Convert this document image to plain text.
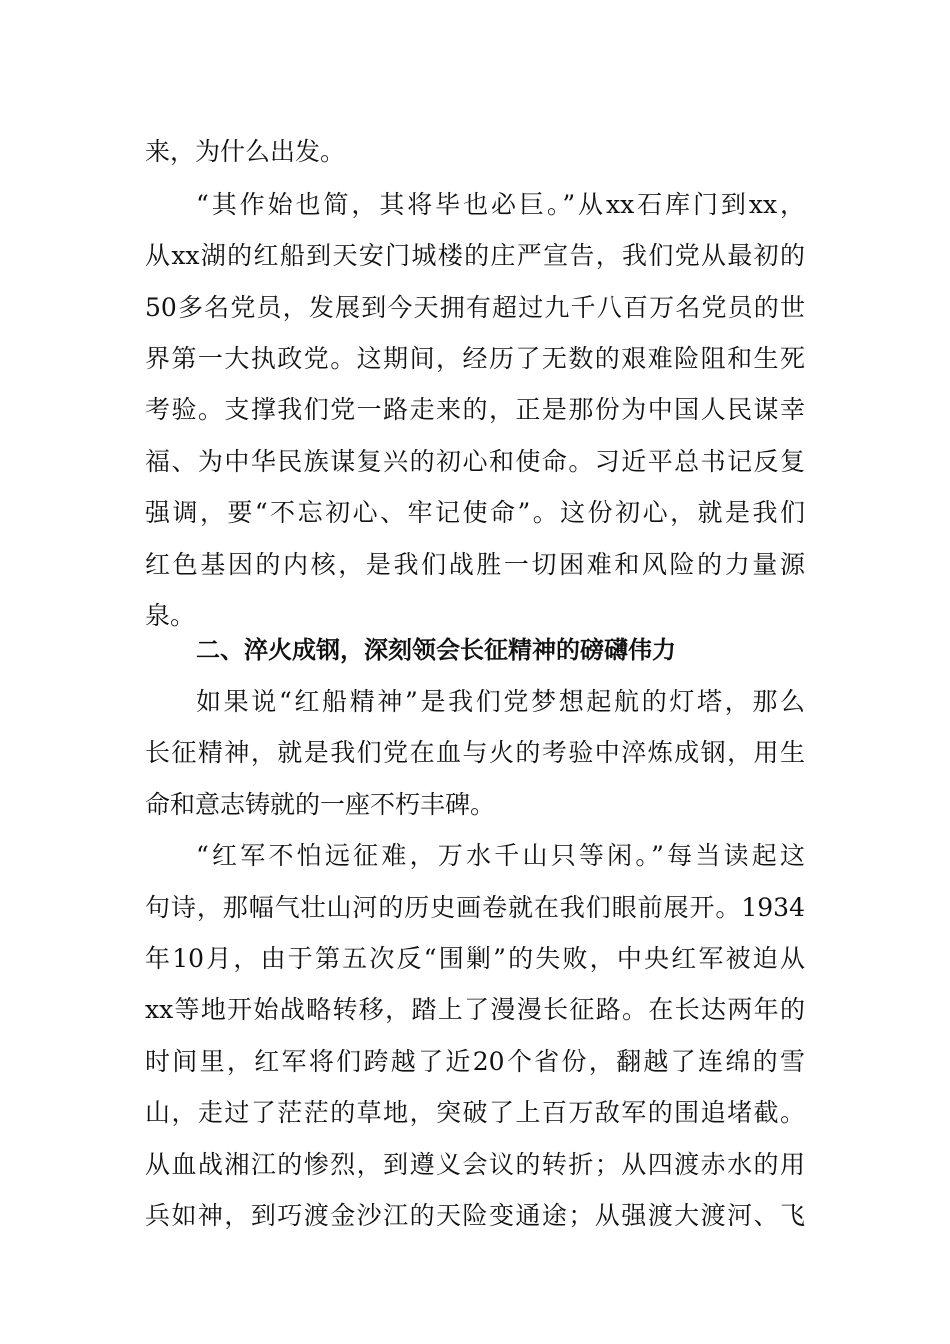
来，为什么出发。
“其作始也简，其将毕也必巨。”从xx石库门到xx，
从xx湖的红船到天安门城楼的庄严宣告，我们党从最初的
50多名党员，发展到今天拥有超过九千八百万名党员的世
界第一大执政党。这期间，经历了无数的艰难险阻和生死
考验。支撑我们党一路走来的，正是那份为中国人民谋幸
福、为中华民族谋复兴的初心和使命。习近平总书记反复
强调，要“不忘初心、牢记使命”。这份初心，就是我们
红色基因的内核，是我们战胜一切困难和风险的力量源
泉。
二、淬火成钢，深刻领会长征精神的磅礴伟力
如果说“红船精神”是我们党梦想起航的灯塔，那么
长征精神，就是我们党在血与火的考验中淬炼成钢，用生
命和意志铸就的一座不朽丰碑。
“红军不怕远征难，万水千山只等闲。”每当读起这
句诗，那幅气壮山河的历史画卷就在我们眼前展开。1934
年10月，由于第五次反“围剿”的失败，中央红军被迫从
xx等地开始战略转移，踏上了漫漫长征路。在长达两年的
时间里，红军将们跨越了近20个省份，翻越了连绵的雪
山，走过了茫茫的草地，突破了上百万敌军的围追堵截。
从血战湘江的惨烈，到遵义会议的转折；从四渡赤水的用
兵如神，到巧渡金沙江的天险变通途；从强渡大渡河、飞
